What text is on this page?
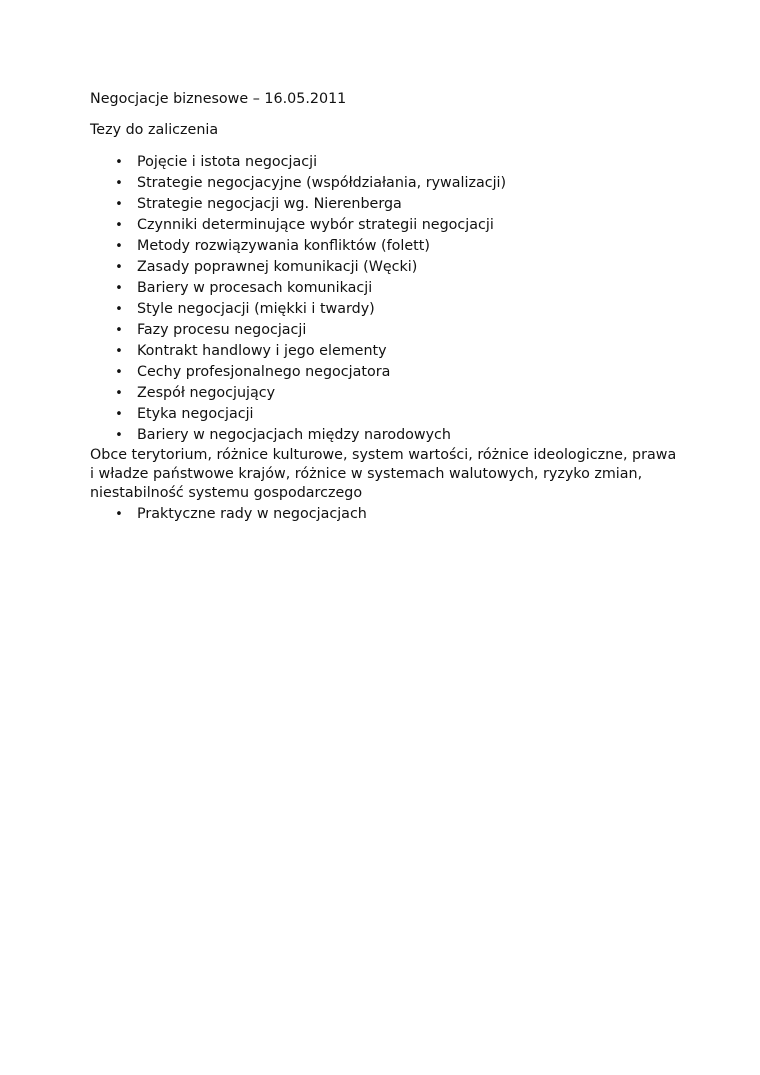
Negocjacje biznesowe – 16.05.2011

Tezy do zaliczenia

• Pojęcie i istota negocjacji
• Strategie negocjacyjne (współdziałania, rywalizacji)
• Strategie negocjacji wg. Nierenberga
• Czynniki determinujące wybór strategii negocjacji
• Metody rozwiązywania konfliktów (folett)
• Zasady poprawnej komunikacji (Węcki)
• Bariery w procesach komunikacji
• Style negocjacji (miękki i twardy)
• Fazy procesu negocjacji
• Kontrakt handlowy i jego elementy
• Cechy profesjonalnego negocjatora
• Zespół negocjujący
• Etyka negocjacji
• Bariery w negocjacjach między narodowych
Obce terytorium, różnice kulturowe, system wartości, różnice ideologiczne, prawa
i władze państwowe krajów, różnice w systemach walutowych, ryzyko zmian,
niestabilność systemu gospodarczego
• Praktyczne rady w negocjacjach
